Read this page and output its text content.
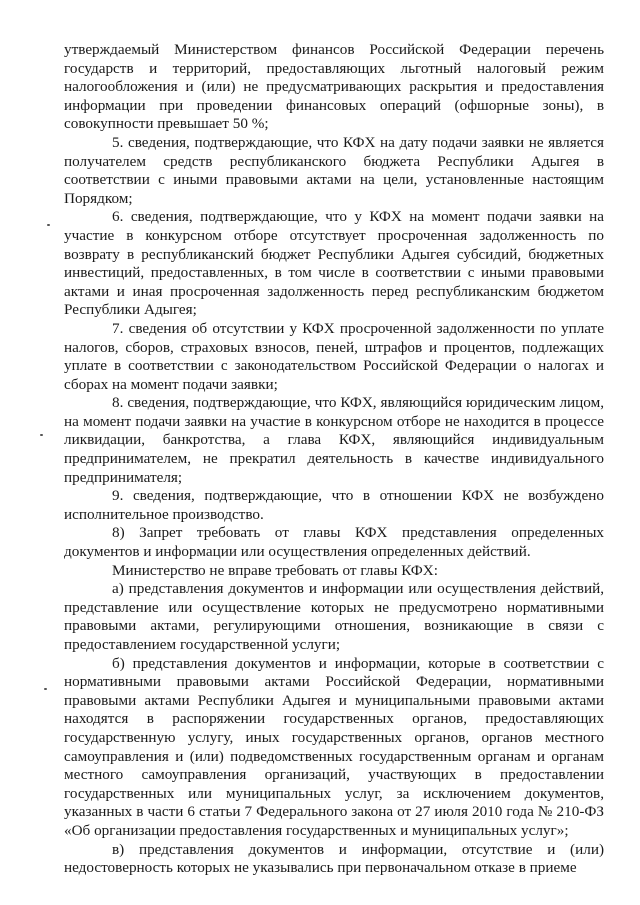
утверждаемый Министерством финансов Российской Федерации перечень государств и территорий, предоставляющих льготный налоговый режим налогообложения и (или) не предусматривающих раскрытия и предоставления информации при проведении финансовых операций (офшорные зоны), в совокупности превышает 50 %;

5. сведения, подтверждающие, что КФХ на дату подачи заявки не является получателем средств республиканского бюджета Республики Адыгея в соответствии с иными правовыми актами на цели, установленные настоящим Порядком;

6. сведения, подтверждающие, что у КФХ на момент подачи заявки на участие в конкурсном отборе отсутствует просроченная задолженность по возврату в республиканский бюджет Республики Адыгея субсидий, бюджетных инвестиций, предоставленных, в том числе в соответствии с иными правовыми актами и иная просроченная задолженность перед республиканским бюджетом Республики Адыгея;

7. сведения об отсутствии у КФХ просроченной задолженности по уплате налогов, сборов, страховых взносов, пеней, штрафов и процентов, подлежащих уплате в соответствии с законодательством Российской Федерации о налогах и сборах на момент подачи заявки;

8. сведения, подтверждающие, что КФХ, являющийся юридическим лицом, на момент подачи заявки на участие в конкурсном отборе не находится в процессе ликвидации, банкротства, а глава КФХ, являющийся индивидуальным предпринимателем, не прекратил деятельность в качестве индивидуального предпринимателя;

9. сведения, подтверждающие, что в отношении КФХ не возбуждено исполнительное производство.

8) Запрет требовать от главы КФХ представления определенных документов и информации или осуществления определенных действий.

Министерство не вправе требовать от главы КФХ:

а) представления документов и информации или осуществления действий, представление или осуществление которых не предусмотрено нормативными правовыми актами, регулирующими отношения, возникающие в связи с предоставлением государственной услуги;

б) представления документов и информации, которые в соответствии с нормативными правовыми актами Российской Федерации, нормативными правовыми актами Республики Адыгея и муниципальными правовыми актами находятся в распоряжении государственных органов, предоставляющих государственную услугу, иных государственных органов, органов местного самоуправления и (или) подведомственных государственным органам и органам местного самоуправления организаций, участвующих в предоставлении государственных или муниципальных услуг, за исключением документов, указанных в части 6 статьи 7 Федерального закона от 27 июля 2010 года № 210-ФЗ «Об организации предоставления государственных и муниципальных услуг»;

в) представления документов и информации, отсутствие и (или) недостоверность которых не указывались при первоначальном отказе в приеме
